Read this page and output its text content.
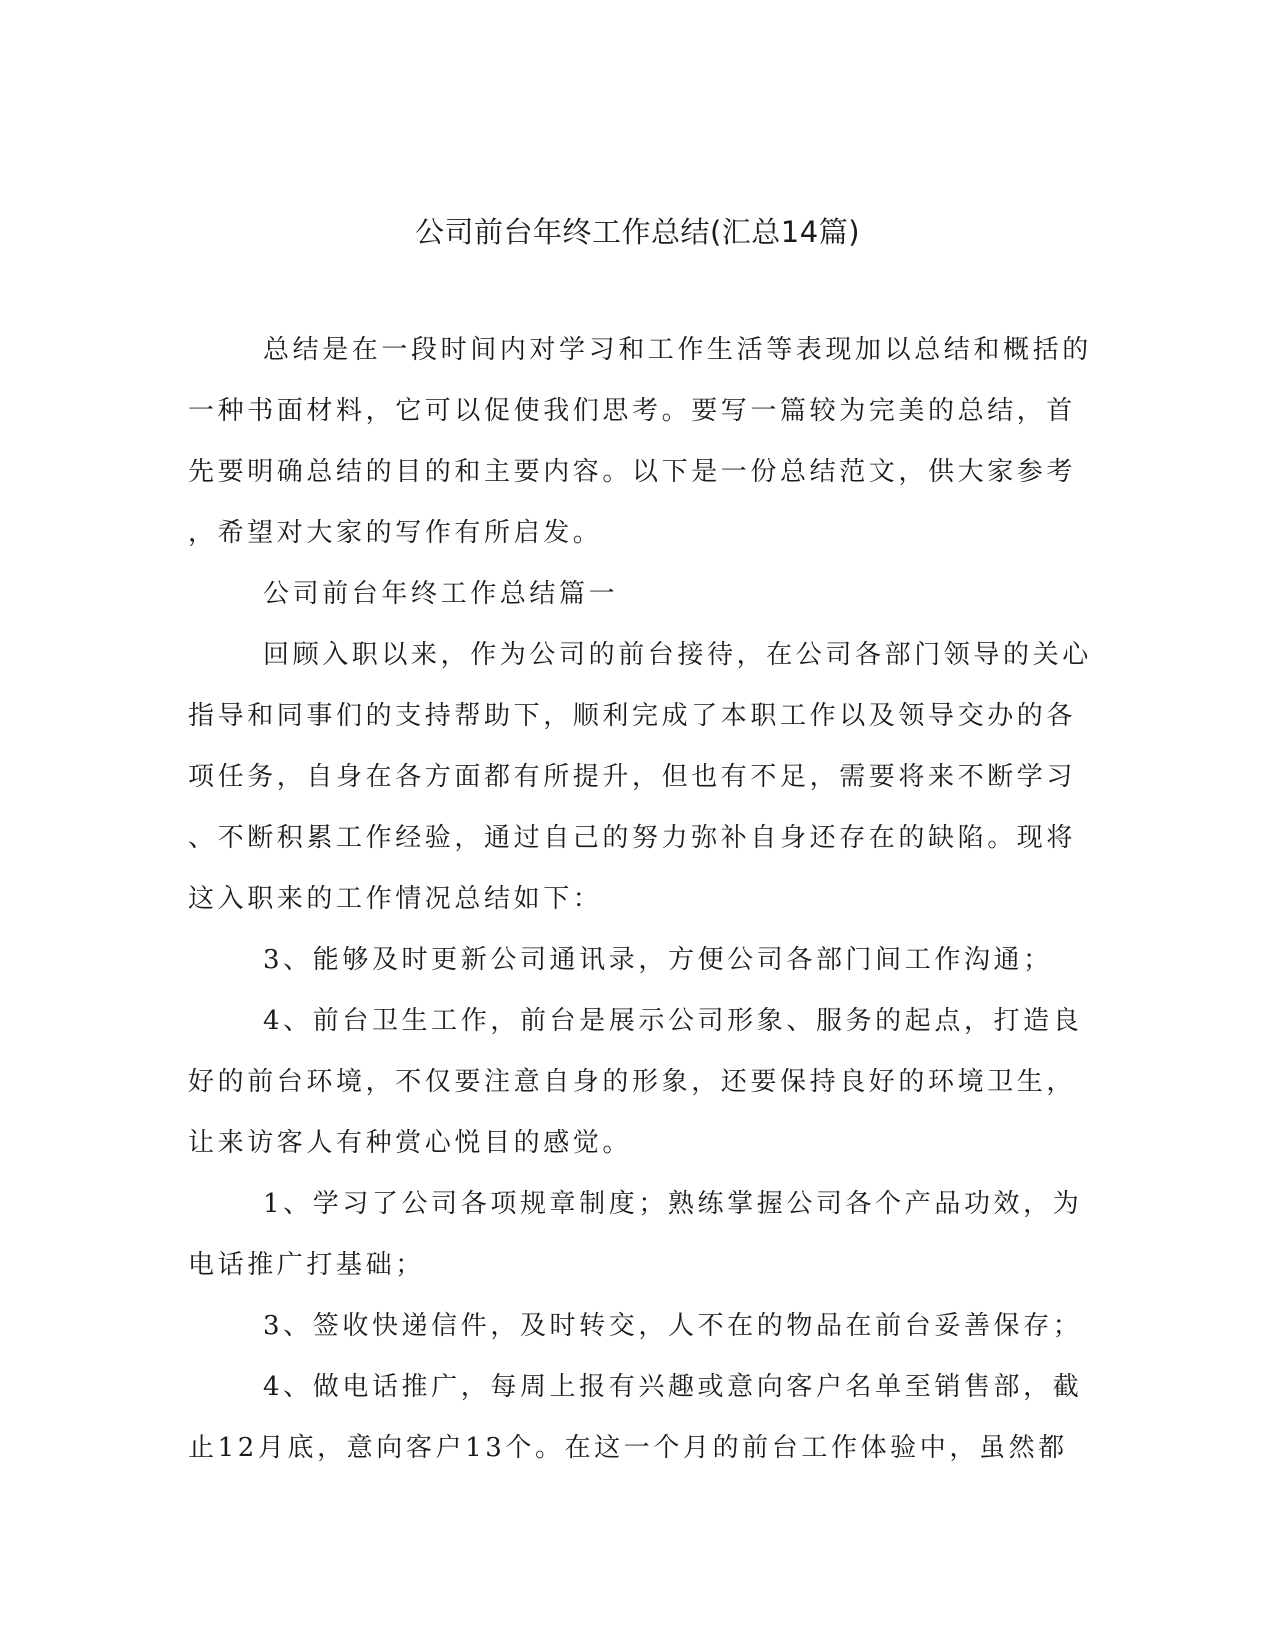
公司前台年终工作总结(汇总14篇)
总结是在一段时间内对学习和工作生活等表现加以总结和概括的
一种书面材料，它可以促使我们思考。要写一篇较为完美的总结，首
先要明确总结的目的和主要内容。以下是一份总结范文，供大家参考
，希望对大家的写作有所启发。
公司前台年终工作总结篇一
回顾入职以来，作为公司的前台接待，在公司各部门领导的关心
指导和同事们的支持帮助下，顺利完成了本职工作以及领导交办的各
项任务，自身在各方面都有所提升，但也有不足，需要将来不断学习
、不断积累工作经验，通过自己的努力弥补自身还存在的缺陷。现将
这入职来的工作情况总结如下：
3、能够及时更新公司通讯录，方便公司各部门间工作沟通；
4、前台卫生工作，前台是展示公司形象、服务的起点，打造良
好的前台环境，不仅要注意自身的形象，还要保持良好的环境卫生，
让来访客人有种赏心悦目的感觉。
1、学习了公司各项规章制度；熟练掌握公司各个产品功效，为
电话推广打基础；
3、签收快递信件，及时转交，人不在的物品在前台妥善保存；
4、做电话推广，每周上报有兴趣或意向客户名单至销售部，截
止12月底，意向客户13个。在这一个月的前台工作体验中，虽然都
